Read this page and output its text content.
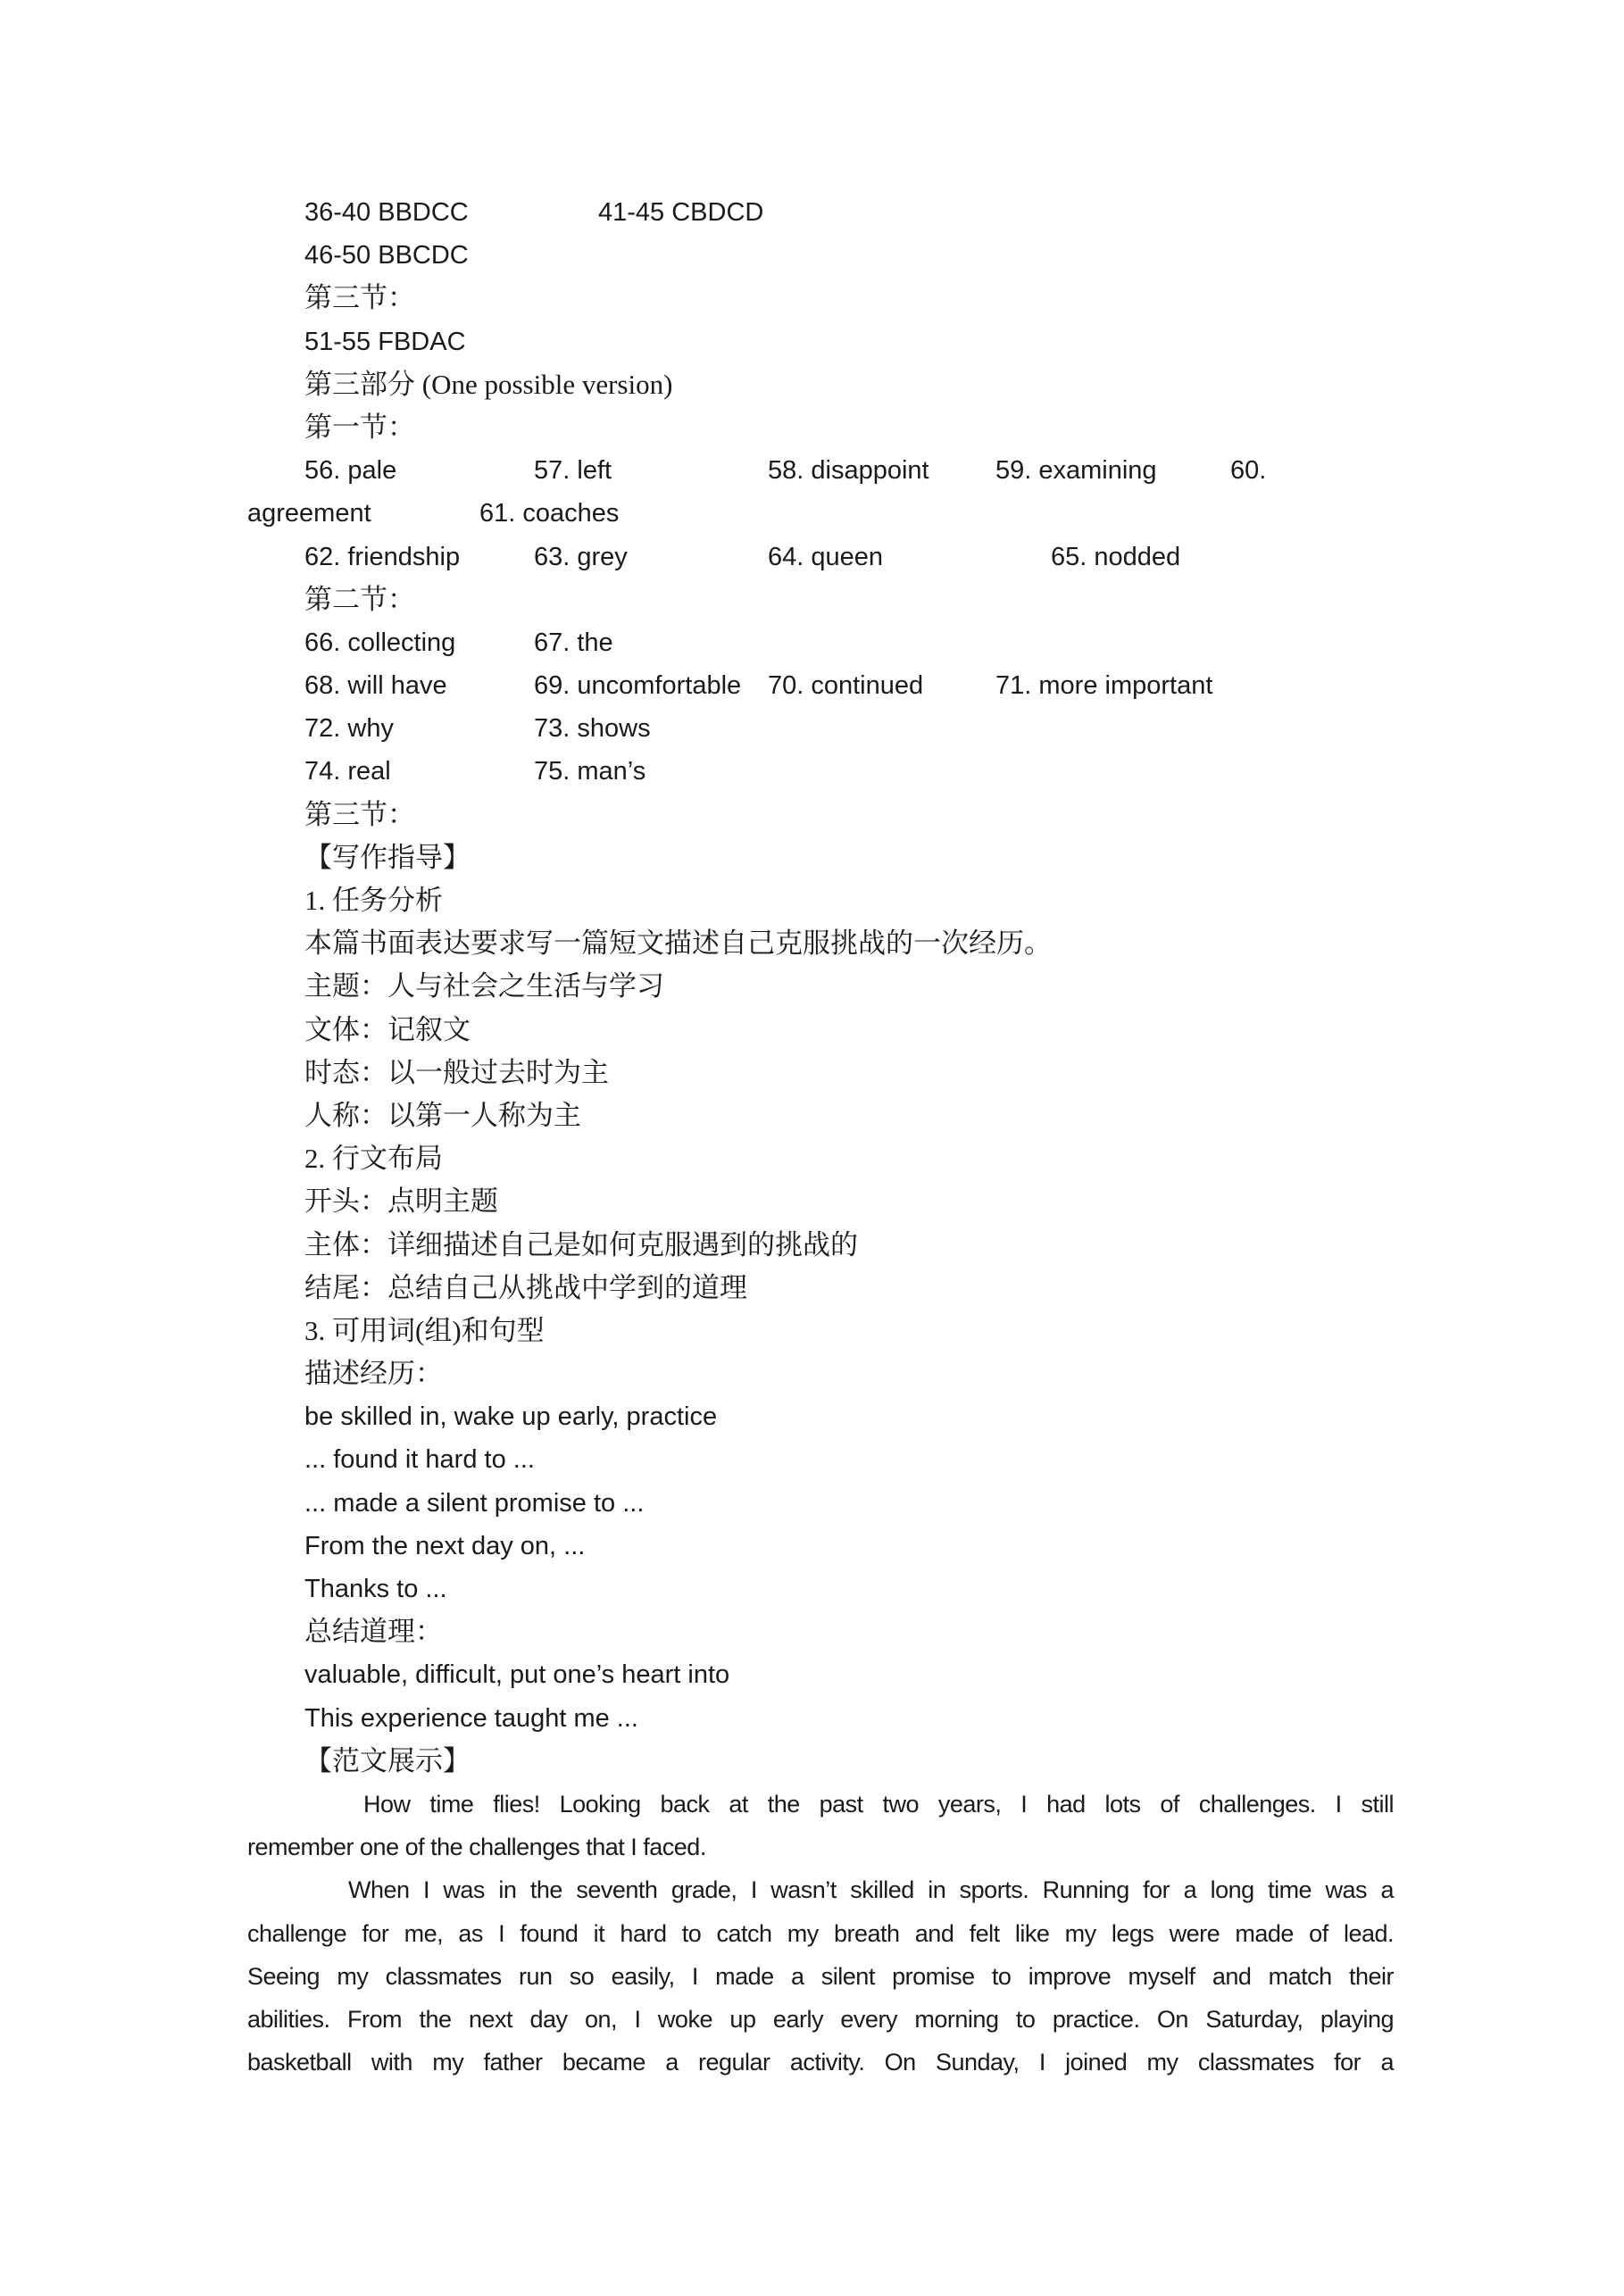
36-40 BBDCC	41-45 CBDCD
46-50 BBCDC
第三节：
51-55 FBDAC
第三部分 (One possible version)
第一节：
56. pale	57. left	58. disappoint	59. examining	60.
agreement	61. coaches
62. friendship	63. grey	64. queen	65. nodded
第二节：
66. collecting	67. the
68. will have	69. uncomfortable 70. continued	71. more important
72. why	73. shows
74. real	75. man’s
第三节：
【写作指导】
1. 任务分析
本篇书面表达要求写一篇短文描述自己克服挑战的一次经历。
主题：人与社会之生活与学习
文体：记叙文
时态：以一般过去时为主
人称：以第一人称为主
2. 行文布局
开头：点明主题
主体：详细描述自己是如何克服遇到的挑战的
结尾：总结自己从挑战中学到的道理
3. 可用词(组)和句型
描述经历：
be skilled in, wake up early, practice
... found it hard to ...
... made a silent promise to ...
From the next day on, ...
Thanks to ...
总结道理：
valuable, difficult, put one’s heart into
This experience taught me ...
【范文展示】
How time flies! Looking back at the past two years, I had lots of challenges. I still
remember one of the challenges that I faced.
When I was in the seventh grade, I wasn’t skilled in sports. Running for a long time was a
challenge for me, as I found it hard to catch my breath and felt like my legs were made of lead.
Seeing my classmates run so easily, I made a silent promise to improve myself and match their
abilities. From the next day on, I woke up early every morning to practice. On Saturday, playing
basketball with my father became a regular activity. On Sunday, I joined my classmates for a
